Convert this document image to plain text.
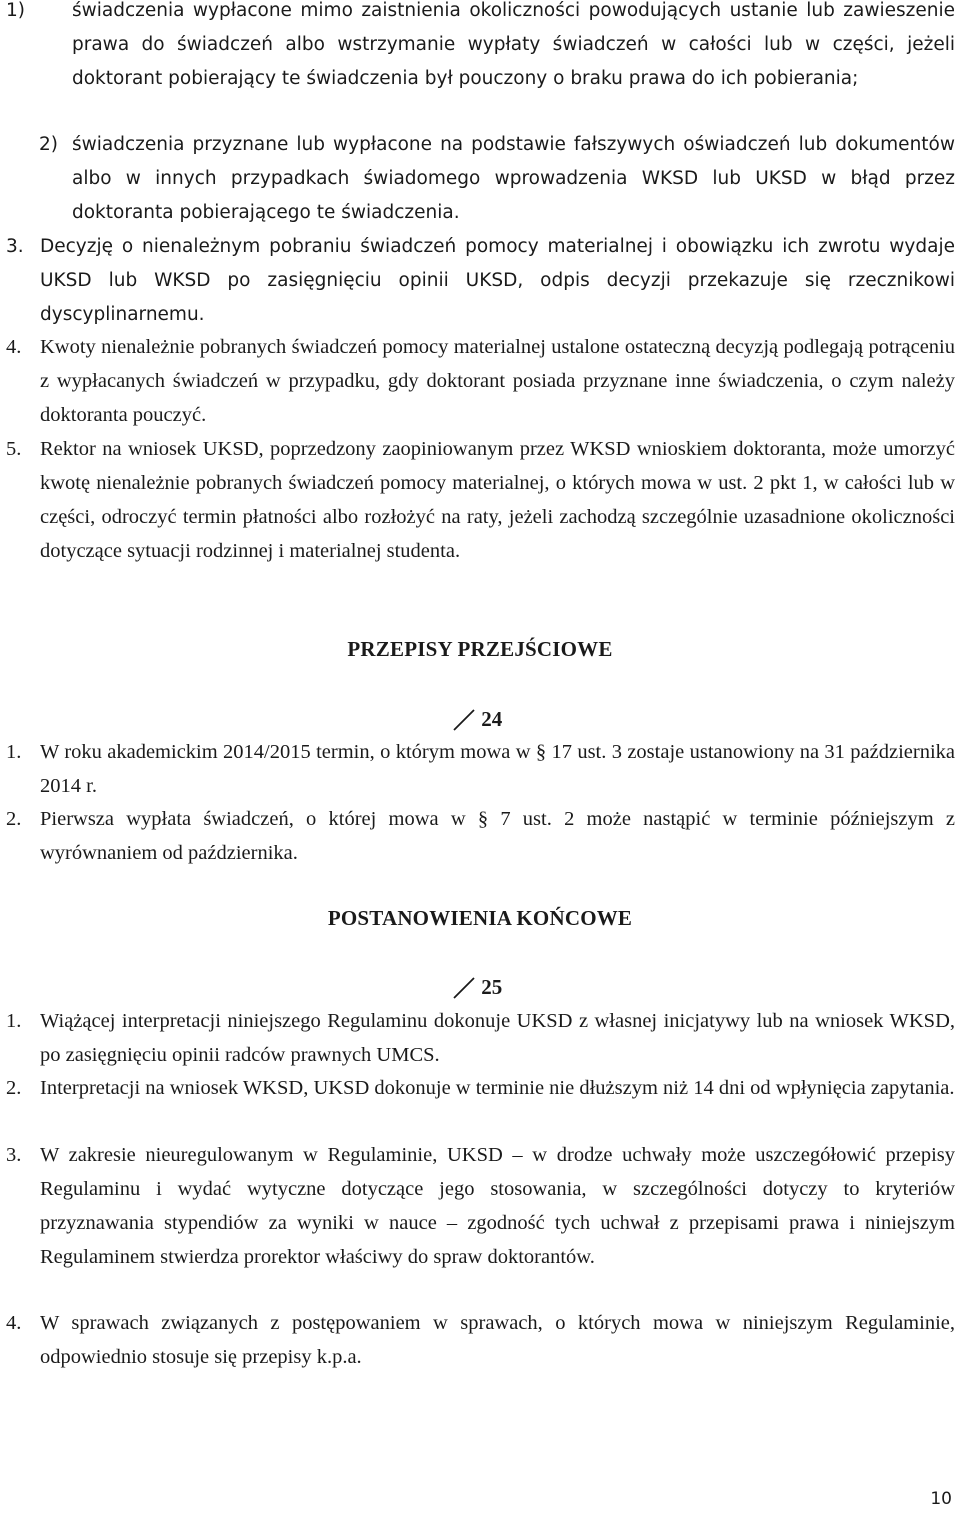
1)	świadczenia wypłacone mimo zaistnienia okoliczności powodujących ustanie lub zawieszenie prawa do świadczeń albo wstrzymanie wypłaty świadczeń w całości lub w części, jeżeli doktorant pobierający te świadczenia był pouczony o braku prawa do ich pobierania;
2) świadczenia przyznane lub wypłacone na podstawie fałszywych oświadczeń lub dokumentów albo w innych przypadkach świadomego wprowadzenia WKSD lub UKSD w błąd przez doktoranta pobierającego te świadczenia.
3. Decyzję o nienależnym pobraniu świadczeń pomocy materialnej i obowiązku ich zwrotu wydaje UKSD lub WKSD po zasięgnięciu opinii UKSD, odpis decyzji przekazuje się rzecznikowi dyscyplinarnemu.
4. Kwoty nienależnie pobranych świadczeń pomocy materialnej ustalone ostateczną decyzją podlegają potrąceniu z wypłacanych świadczeń w przypadku, gdy doktorant posiada przyznane inne świadczenia, o czym należy doktoranta pouczyć.
5. Rektor na wniosek UKSD, poprzedzony zaopiniowanym przez WKSD wnioskiem doktoranta, może umorzyć kwotę nienależnie pobranych świadczeń pomocy materialnej, o których mowa w ust. 2 pkt 1, w całości lub w części, odroczyć termin płatności albo rozłożyć na raty, jeżeli zachodzą szczególnie uzasadnione okoliczności dotyczące sytuacji rodzinnej i materialnej studenta.
PRZEPISY PRZEJŚCIOWE
24
1. W roku akademickim 2014/2015 termin, o którym mowa w § 17 ust. 3 zostaje ustanowiony na 31 października 2014 r.
2. Pierwsza wypłata świadczeń, o której mowa w § 7 ust. 2 może nastąpić w terminie późniejszym z wyrównaniem od października.
POSTANOWIENIA KOŃCOWE
25
1. Wiążącej interpretacji niniejszego Regulaminu dokonuje UKSD z własnej inicjatywy lub na wniosek WKSD, po zasięgnięciu opinii radców prawnych UMCS.
2. Interpretacji na wniosek WKSD, UKSD dokonuje w terminie nie dłuższym niż 14 dni od wpłynięcia zapytania.
3. W zakresie nieuregulowanym w Regulaminie, UKSD – w drodze uchwały może uszczegółowić przepisy Regulaminu i wydać wytyczne dotyczące jego stosowania, w szczególności dotyczy to kryteriów przyznawania stypendiów za wyniki w nauce – zgodność tych uchwał z przepisami prawa i niniejszym Regulaminem stwierdza prorektor właściwy do spraw doktorantów.
4. W sprawach związanych z postępowaniem w sprawach, o których mowa w niniejszym Regulaminie, odpowiednio stosuje się przepisy k.p.a.
10
